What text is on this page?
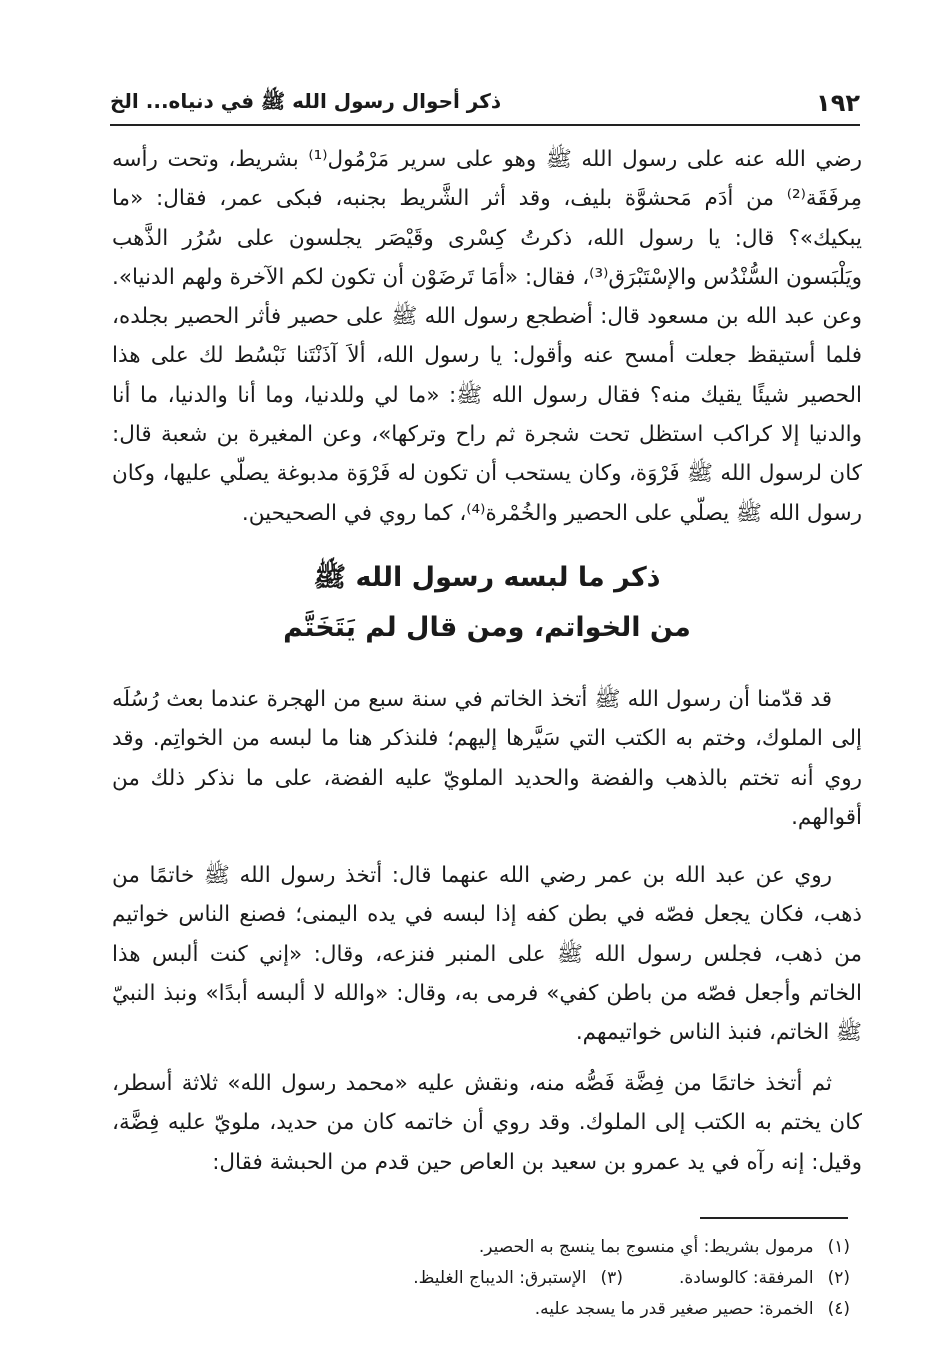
١٩٢
ذكر أحوال رسول الله ﷺ في دنياه... الخ

رضي الله عنه على رسول الله ﷺ وهو على سرير مَرْمُول⁽¹⁾ بشريط، وتحت رأسه مِرفَقَة⁽²⁾ من أدَم مَحشوَّة بليف، وقد أثر الشَّريط بجنبه، فبكى عمر، فقال: «ما يبكيك»؟ قال: يا رسول الله، ذكرتُ كِسْرى وقَيْصَر يجلسون على سُرُر الذَّهب ويَلْبَسون السُّنْدُس والإسْتَبْرَق⁽³⁾، فقال: «أمَا تَرضَوْن أن تكون لكم الآخرة ولهم الدنيا». وعن عبد الله بن مسعود قال: أضطجع رسول الله ﷺ على حصير فأثر الحصير بجلده، فلما أستيقظ جعلت أمسح عنه وأقول: يا رسول الله، ألاَ آذَنْتَنا نَبْسُط لك على هذا الحصير شيئًا يقيك منه؟ فقال رسول الله ﷺ: «ما لي وللدنيا، وما أنا والدنيا، ما أنا والدنيا إلا كراكب استظل تحت شجرة ثم راح وتركها»، وعن المغيرة بن شعبة قال: كان لرسول الله ﷺ فَرْوَة، وكان يستحب أن تكون له فَرْوَة مدبوغة يصلّي عليها، وكان رسول الله ﷺ يصلّي على الحصير والخُمْرة⁽⁴⁾، كما روي في الصحيحين.

ذكر ما لبسه رسول الله ﷺ
من الخواتم، ومن قال لم يَتَخَتَّم

قد قدّمنا أن رسول الله ﷺ أتخذ الخاتم في سنة سبع من الهجرة عندما بعث رُسُلَه إلى الملوك، وختم به الكتب التي سَيَّرها إليهم؛ فلنذكر هنا ما لبسه من الخواتِم. وقد روي أنه تختم بالذهب والفضة والحديد الملويّ عليه الفضة، على ما نذكر ذلك من أقوالهم.

روي عن عبد الله بن عمر رضي الله عنهما قال: أتخذ رسول الله ﷺ خاتمًا من ذهب، فكان يجعل فصّه في بطن كفه إذا لبسه في يده اليمنى؛ فصنع الناس خواتيم من ذهب، فجلس رسول الله ﷺ على المنبر فنزعه، وقال: «إني كنت ألبس هذا الخاتم وأجعل فصّه من باطن كفي» فرمى به، وقال: «والله لا ألبسه أبدًا» ونبذ النبيّ ﷺ الخاتم، فنبذ الناس خواتيمهم.

ثم أتخذ خاتمًا من فِضَّة فَصُّه منه، ونقش عليه «محمد رسول الله» ثلاثة أسطر، كان يختم به الكتب إلى الملوك. وقد روي أن خاتمه كان من حديد، ملويّ عليه فِضَّة، وقيل: إنه رآه في يد عمرو بن سعيد بن العاص حين قدم من الحبشة فقال:

(١)
مرمول بشريط: أي منسوج بما ينسج به الحصير.
(٢)
المرفقة: كالوسادة.
(٣)
الإستبرق: الديباج الغليظ.
(٤)
الخمرة: حصير صغير قدر ما يسجد عليه.
